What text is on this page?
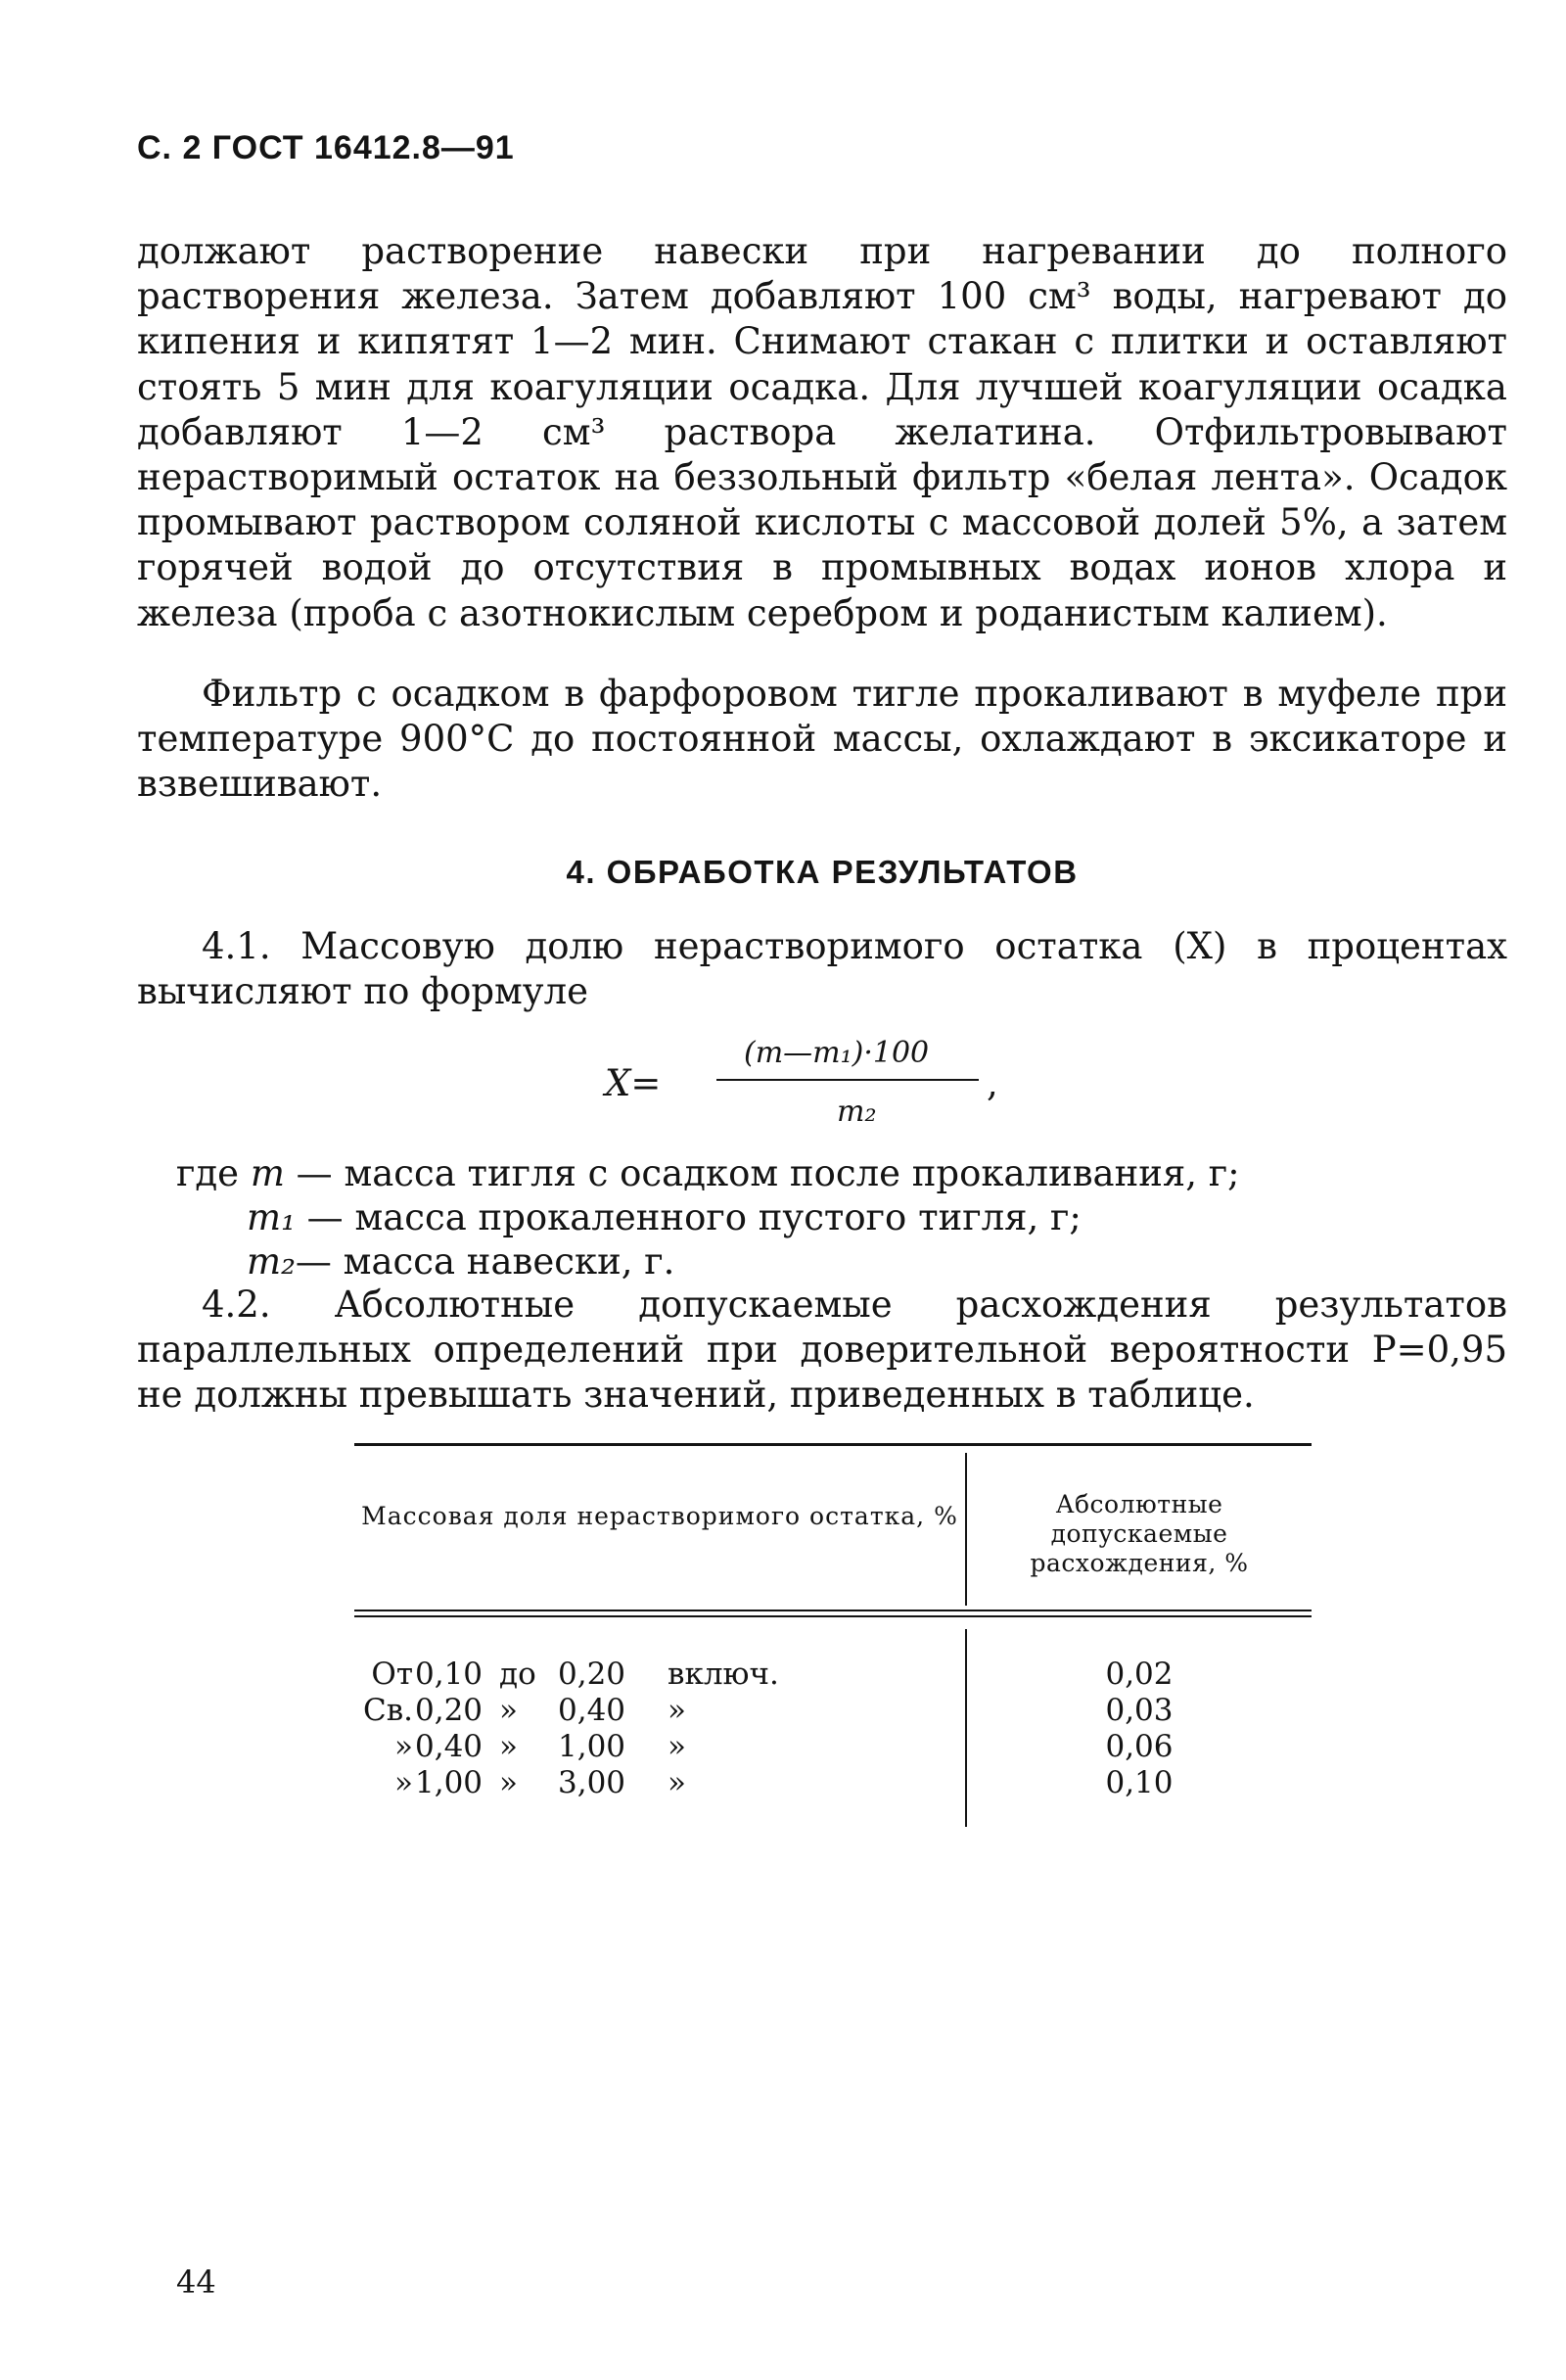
С. 2 ГОСТ 16412.8—91
должают растворение навески при нагревании до полного растворения железа. Затем добавляют 100 см³ воды, нагревают до кипения и кипятят 1—2 мин. Снимают стакан с плитки и оставляют стоять 5 мин для коагуляции осадка. Для лучшей коагуляции осадка добавляют 1—2 см³ раствора желатина. Отфильтровывают нерастворимый остаток на беззольный фильтр «белая лента». Осадок промывают раствором соляной кислоты с массовой долей 5%, а затем горячей водой до отсутствия в промывных водах ионов хлора и железа (проба с азотнокислым серебром и роданистым калием).
Фильтр с осадком в фарфоровом тигле прокаливают в муфеле при температуре 900°С до постоянной массы, охлаждают в эксикаторе и взвешивают.
4. ОБРАБОТКА РЕЗУЛЬТАТОВ
4.1. Массовую долю нерастворимого остатка (X) в процентах вычисляют по формуле
X=
(m—m₁)·100
m₂
,
где m — масса тигля с осадком после прокаливания, г;
m₁ — масса прокаленного пустого тигля, г;
m₂— масса навески, г.
4.2. Абсолютные допускаемые расхождения результатов параллельных определений при доверительной вероятности P=0,95 не должны превышать значений, приведенных в таблице.
Массовая доля нерастворимого остатка, %	Абсолютные допускаемые расхождения, %
От 0,10 до 0,20	включ.	0,02
Св. 0,20 »	0,40	»	0,03
» 0,40 »	1,00	»	0,06
» 1,00 »	3,00	»	0,10
44
